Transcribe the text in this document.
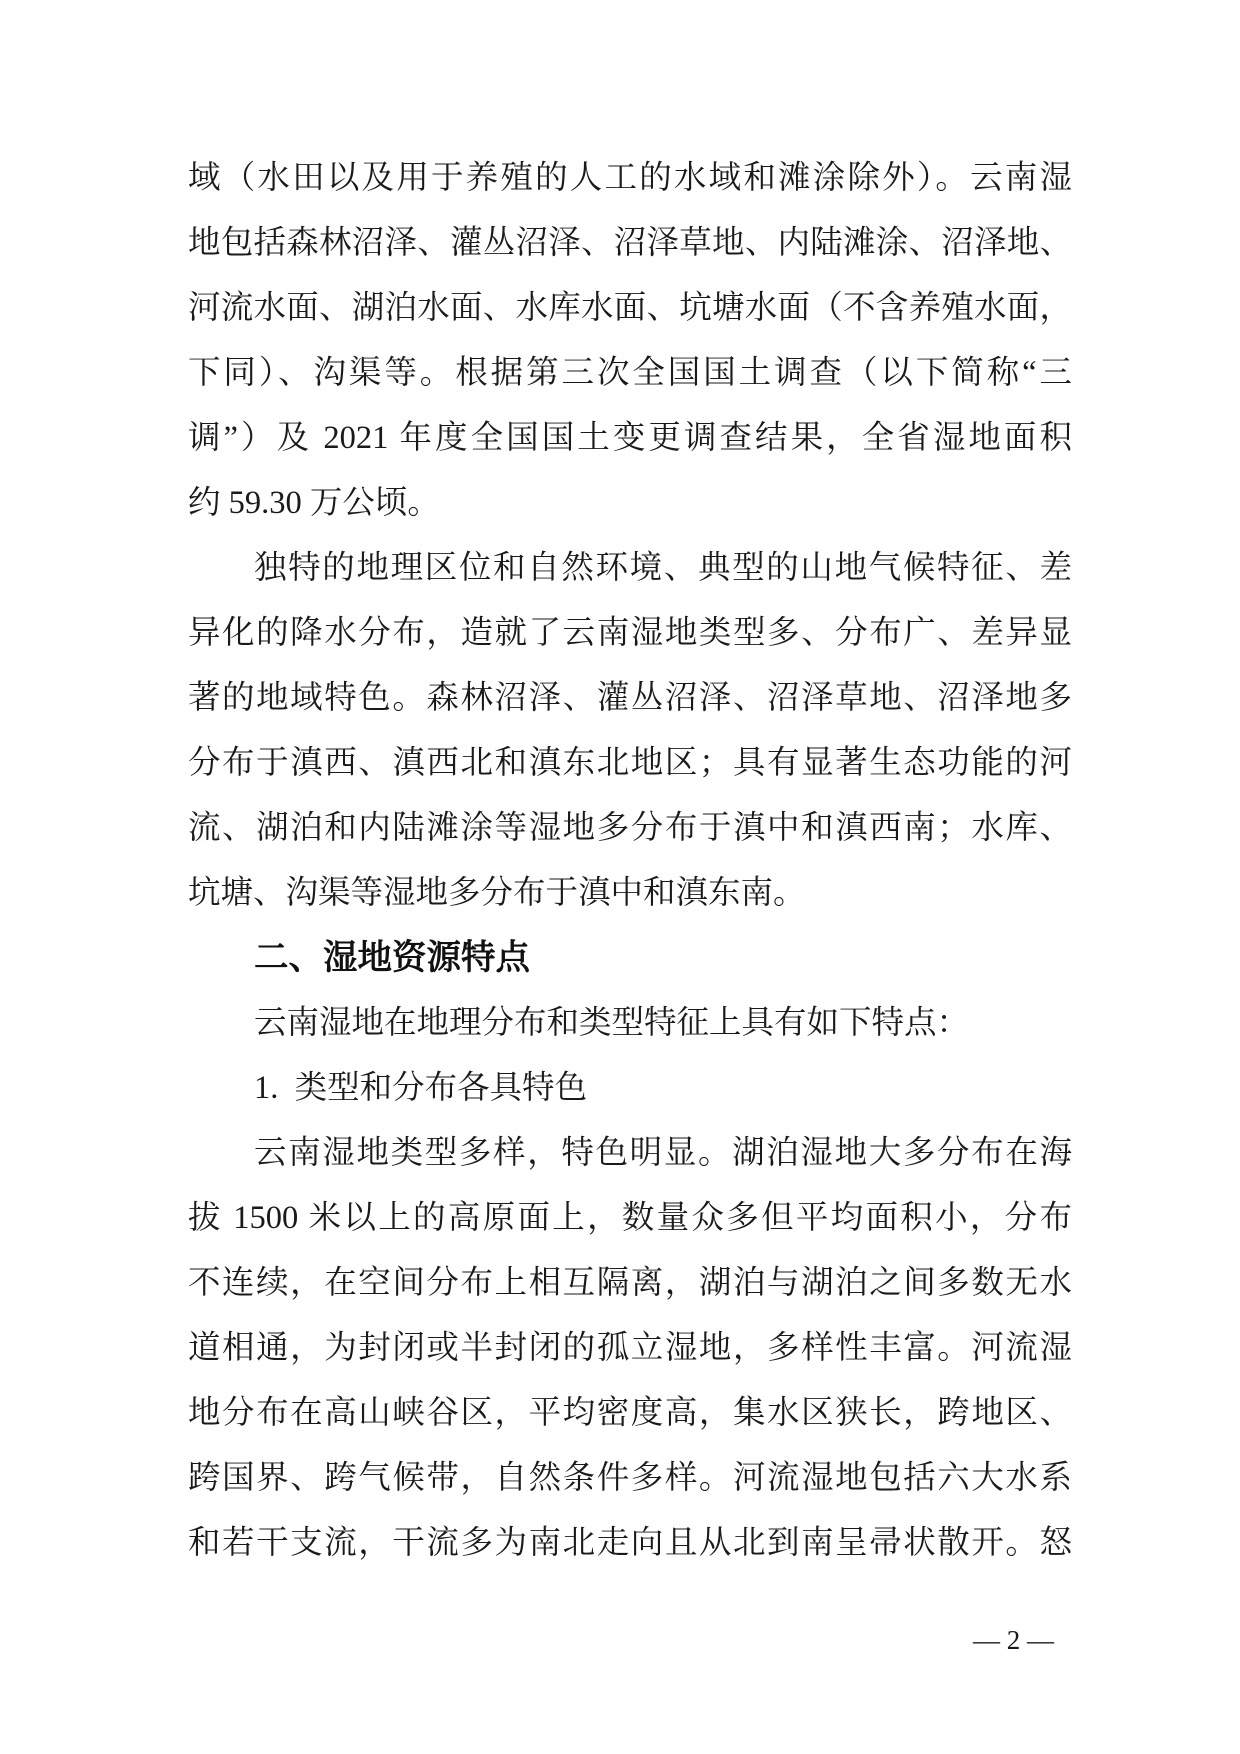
域（水田以及用于养殖的人工的水域和滩涂除外）。云南湿
地包括森林沼泽、灌丛沼泽、沼泽草地、内陆滩涂、沼泽地、
河流水面、湖泊水面、水库水面、坑塘水面（不含养殖水面，
下同）、沟渠等。根据第三次全国国土调查（以下简称“三
调”）及 2021 年度全国国土变更调查结果，全省湿地面积
约 59.30 万公顷。
独特的地理区位和自然环境、典型的山地气候特征、差
异化的降水分布，造就了云南湿地类型多、分布广、差异显
著的地域特色。森林沼泽、灌丛沼泽、沼泽草地、沼泽地多
分布于滇西、滇西北和滇东北地区；具有显著生态功能的河
流、湖泊和内陆滩涂等湿地多分布于滇中和滇西南；水库、
坑塘、沟渠等湿地多分布于滇中和滇东南。
二、湿地资源特点
云南湿地在地理分布和类型特征上具有如下特点：
1. 类型和分布各具特色
云南湿地类型多样，特色明显。湖泊湿地大多分布在海
拔 1500 米以上的高原面上，数量众多但平均面积小，分布
不连续，在空间分布上相互隔离，湖泊与湖泊之间多数无水
道相通，为封闭或半封闭的孤立湿地，多样性丰富。河流湿
地分布在高山峡谷区，平均密度高，集水区狭长，跨地区、
跨国界、跨气候带，自然条件多样。河流湿地包括六大水系
和若干支流，干流多为南北走向且从北到南呈帚状散开。怒
— 2 —
